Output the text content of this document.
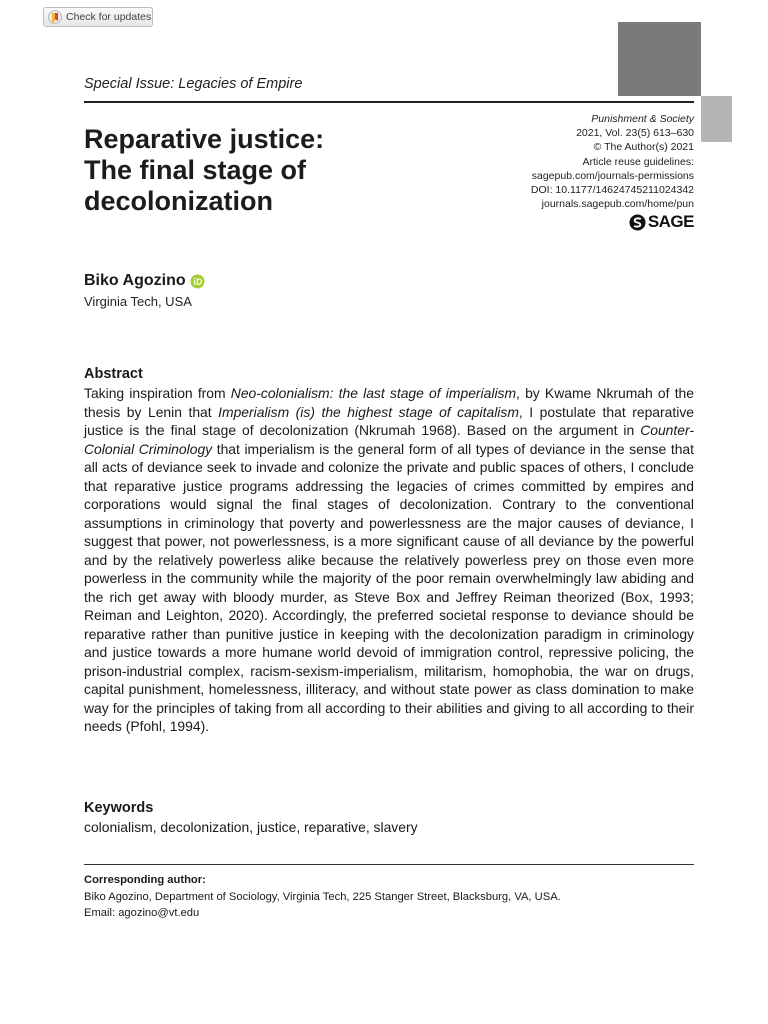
Check for updates
Special Issue: Legacies of Empire
Reparative justice:
The final stage of
decolonization
Punishment & Society
2021, Vol. 23(5) 613–630
© The Author(s) 2021
Article reuse guidelines:
sagepub.com/journals-permissions
DOI: 10.1177/14624745211024342
journals.sagepub.com/home/pun
SAGE
Biko Agozino
Virginia Tech, USA
Abstract

Taking inspiration from Neo-colonialism: the last stage of imperialism, by Kwame Nkrumah of the thesis by Lenin that Imperialism (is) the highest stage of capitalism, I postulate that reparative justice is the final stage of decolonization (Nkrumah 1968). Based on the argument in Counter-Colonial Criminology that imperialism is the general form of all types of deviance in the sense that all acts of deviance seek to invade and colonize the private and public spaces of others, I conclude that reparative justice programs addressing the legacies of crimes committed by empires and corporations would signal the final stages of decolonization. Contrary to the conventional assumptions in criminology that poverty and powerlessness are the major causes of deviance, I suggest that power, not powerlessness, is a more significant cause of all deviance by the powerful and by the relatively powerless alike because the relatively powerless prey on those even more powerless in the community while the majority of the poor remain overwhelmingly law abiding and the rich get away with bloody murder, as Steve Box and Jeffrey Reiman theorized (Box, 1993; Reiman and Leighton, 2020). Accordingly, the preferred societal response to deviance should be reparative rather than punitive justice in keeping with the decolonization paradigm in criminology and justice towards a more humane world devoid of immigration control, repressive policing, the prison-industrial complex, racism-sexism-imperialism, militarism, homophobia, the war on drugs, capital punishment, homelessness, illiteracy, and without state power as class domination to make way for the principles of taking from all according to their abilities and giving to all according to their needs (Pfohl, 1994).

Keywords
colonialism, decolonization, justice, reparative, slavery
Corresponding author:
Biko Agozino, Department of Sociology, Virginia Tech, 225 Stanger Street, Blacksburg, VA, USA.
Email: agozino@vt.edu
